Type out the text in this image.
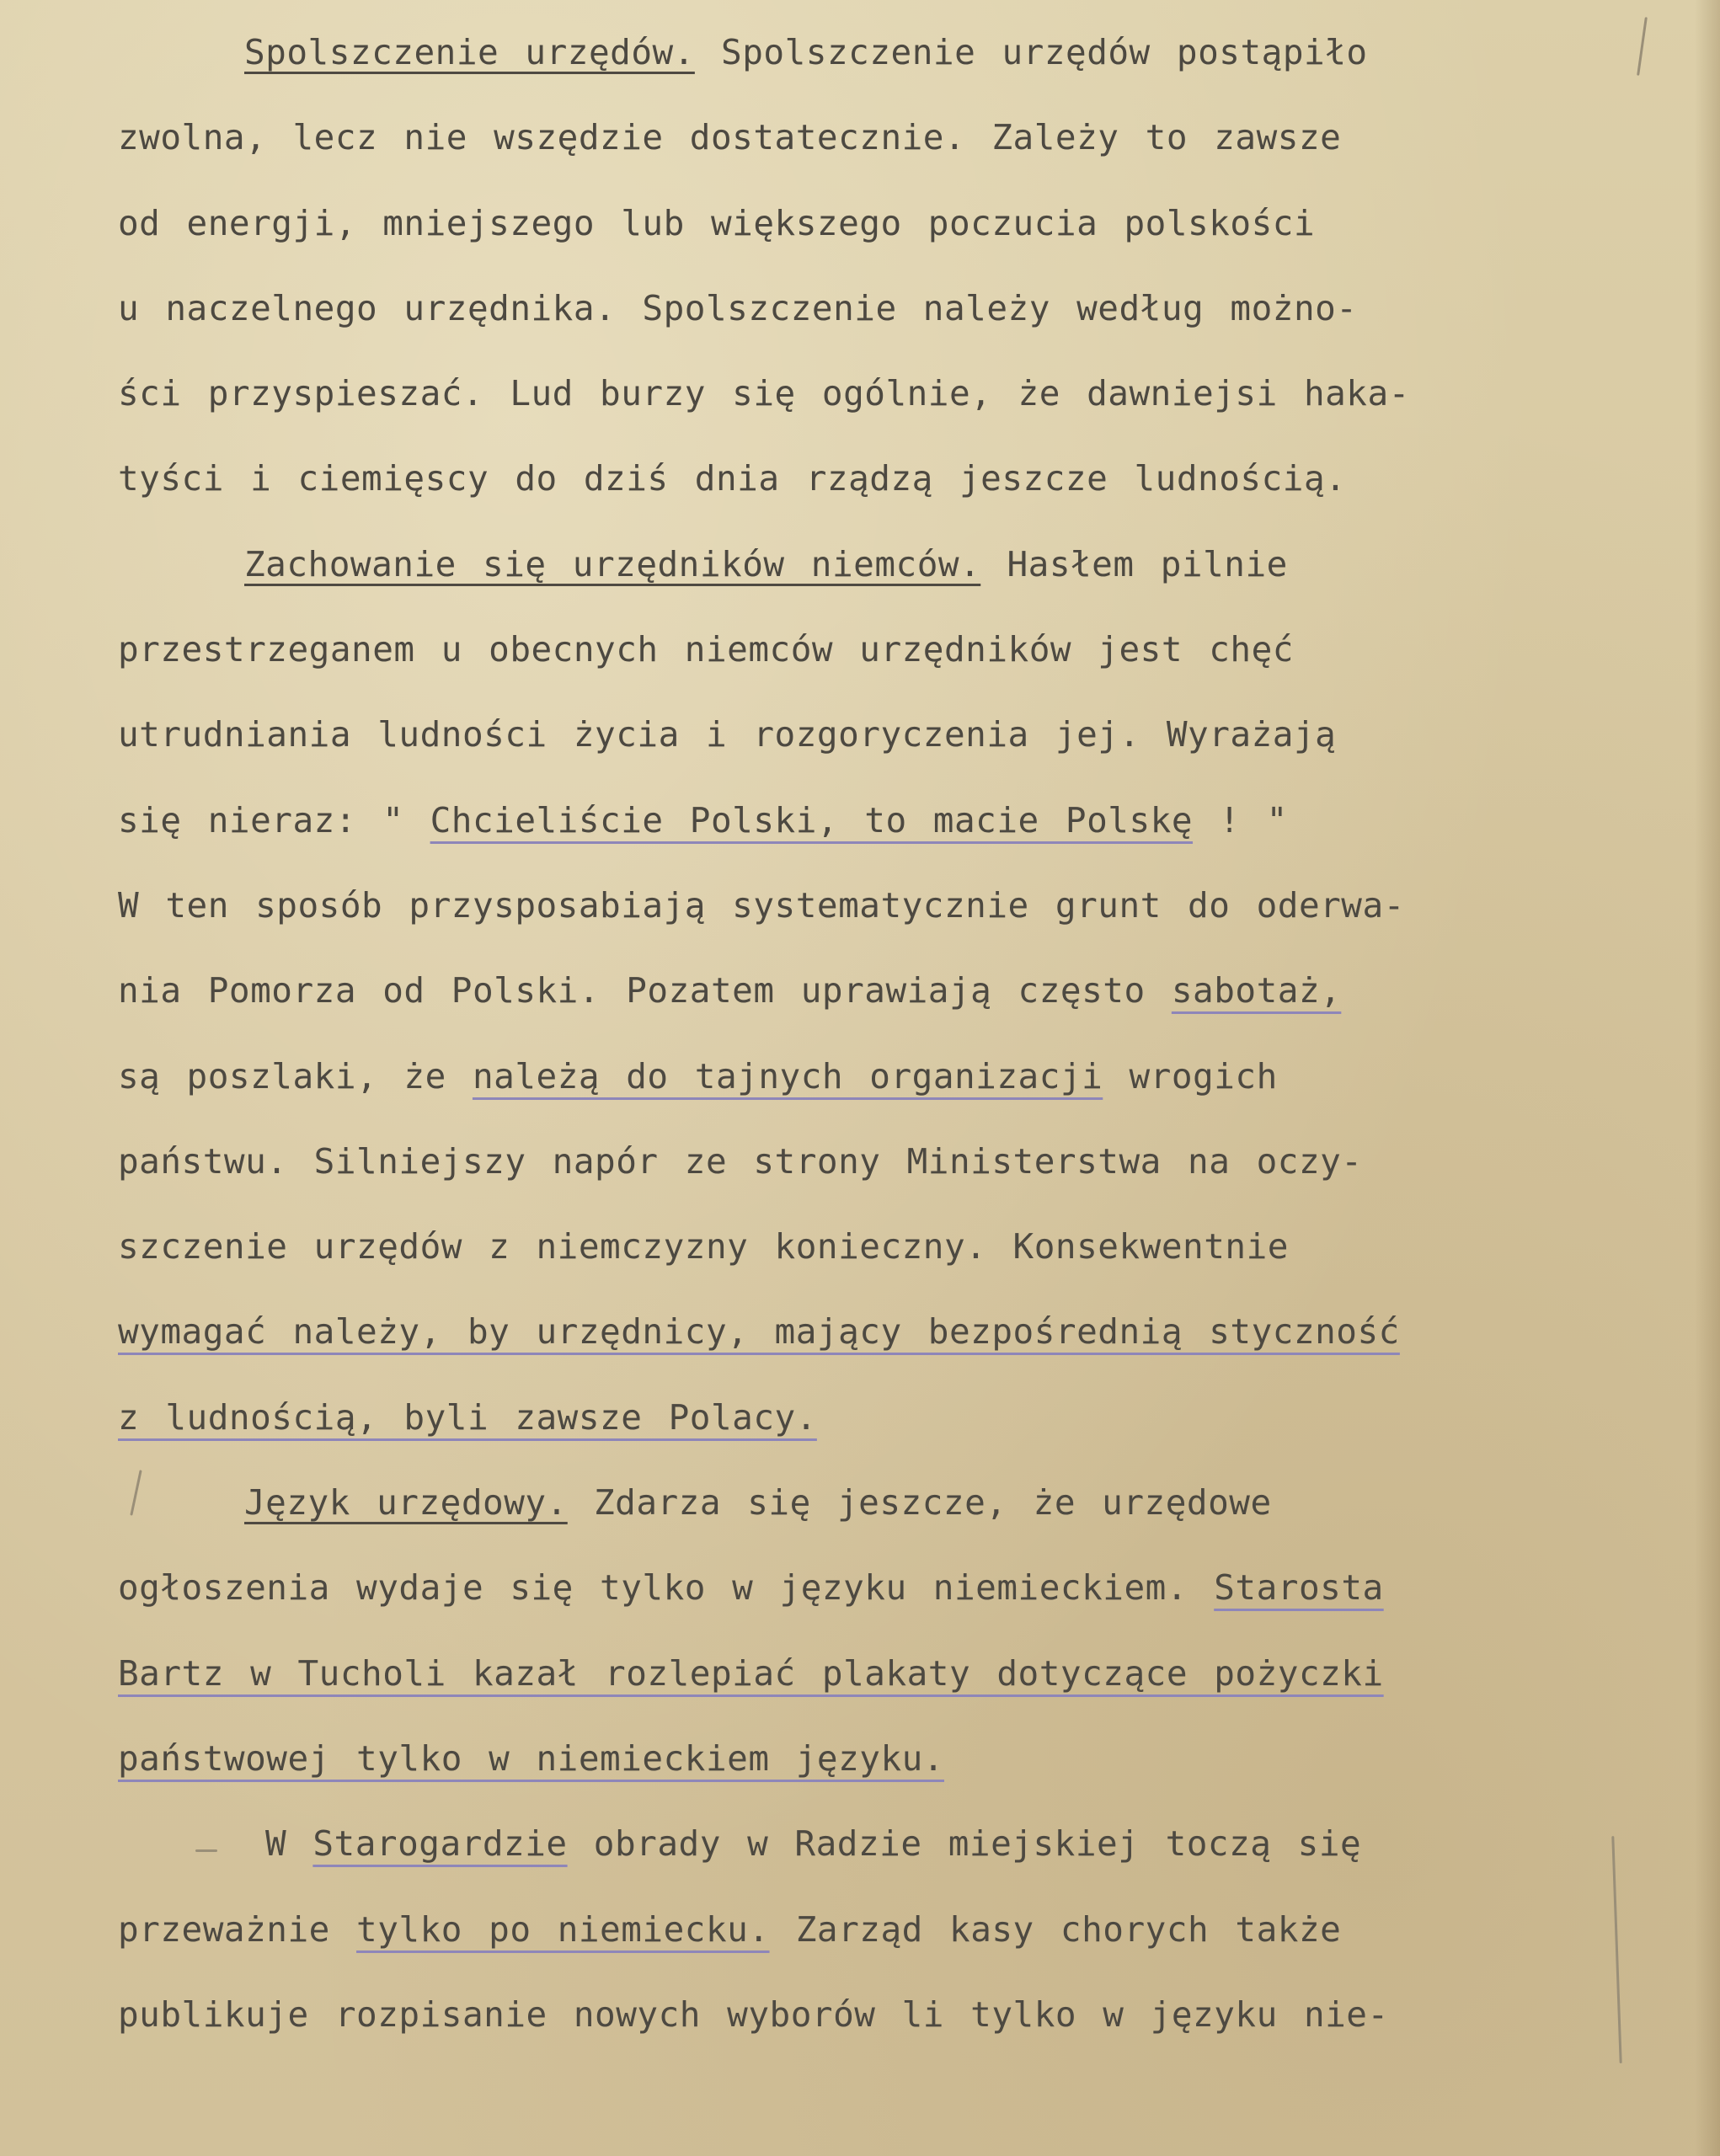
Spolszczenie urzędów. Spolszczenie urzędów postąpiło
zwolna, lecz nie wszędzie dostatecznie. Zależy to zawsze
od energji, mniejszego lub większego poczucia polskości
u naczelnego urzędnika. Spolszczenie należy według możno-
ści przyspieszać. Lud burzy się ogólnie, że dawniejsi haka-
tyści i ciemięscy do dziś dnia rządzą jeszcze ludnością.
Zachowanie się urzędników niemców. Hasłem pilnie
przestrzeganem u obecnych niemców urzędników jest chęć
utrudniania ludności życia i rozgoryczenia jej. Wyrażają
się nieraz: " Chcieliście Polski, to macie Polskę ! "
W ten sposób przysposabiają systematycznie grunt do oderwa-
nia Pomorza od Polski. Pozatem uprawiają często sabotaż,
są poszlaki, że należą do tajnych organizacji wrogich
państwu. Silniejszy napór ze strony Ministerstwa na oczy-
szczenie urzędów z niemczyzny konieczny. Konsekwentnie
wymagać należy, by urzędnicy, mający bezpośrednią styczność
z ludnością, byli zawsze Polacy.
Język urzędowy. Zdarza się jeszcze, że urzędowe
ogłoszenia wydaje się tylko w języku niemieckiem. Starosta
Bartz w Tucholi kazał rozlepiać plakaty dotyczące pożyczki
państwowej tylko w niemieckiem języku.
W Starogardzie obrady w Radzie miejskiej toczą się
przeważnie tylko po niemiecku. Zarząd kasy chorych także
publikuje rozpisanie nowych wyborów li tylko w języku nie-
